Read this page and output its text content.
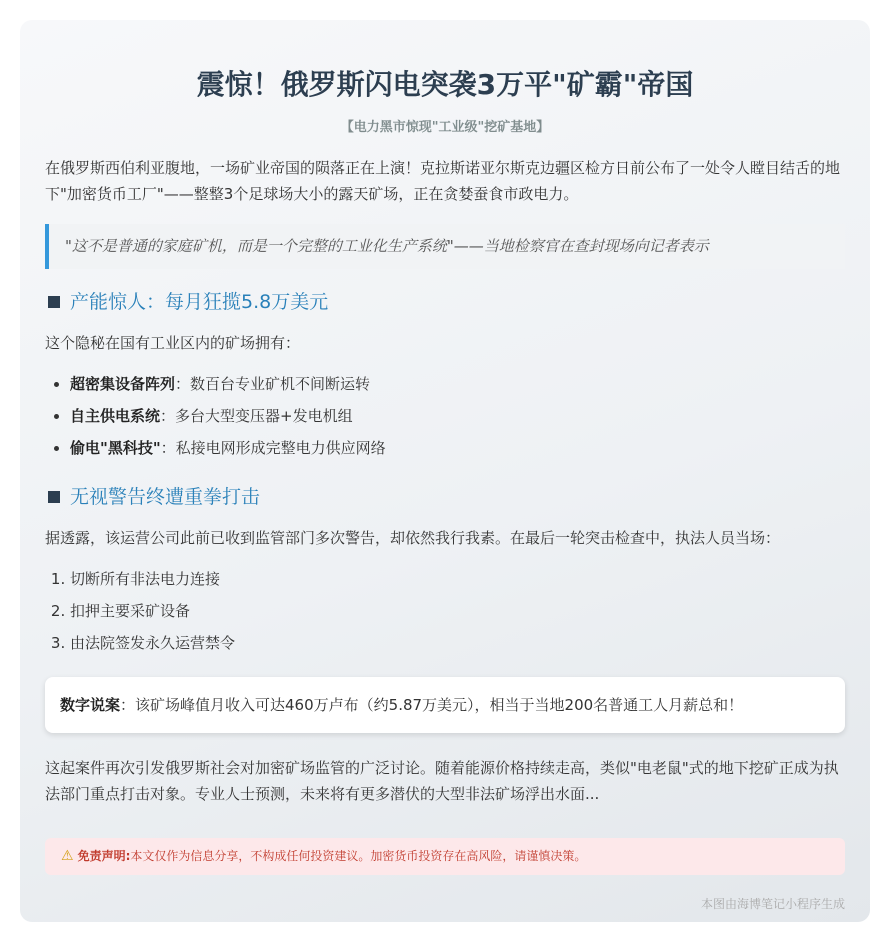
震惊！俄罗斯闪电突袭3万平"矿霸"帝国
【电力黑市惊现"工业级"挖矿基地】

在俄罗斯西伯利亚腹地，一场矿业帝国的陨落正在上演！克拉斯诺亚尔斯克边疆区检方日前公布了一处令人瞠目结舌的地下"加密货币工厂"——整整3个足球场大小的露天矿场，正在贪婪蚕食市政电力。

"这不是普通的家庭矿机，而是一个完整的工业化生产系统"——当地检察官在查封现场向记者表示
产能惊人：每月狂揽5.8万美元

这个隐秘在国有工业区内的矿场拥有：

• 超密集设备阵列：数百台专业矿机不间断运转
• 自主供电系统：多台大型变压器+发电机组
• 偷电"黑科技"：私接电网形成完整电力供应网络
无视警告终遭重拳打击

据透露，该运营公司此前已收到监管部门多次警告，却依然我行我素。在最后一轮突击检查中，执法人员当场：

1. 切断所有非法电力连接
2. 扣押主要采矿设备
3. 由法院签发永久运营禁令
数字说案：该矿场峰值月收入可达460万卢布（约5.87万美元），相当于当地200名普通工人月薪总和！

这起案件再次引发俄罗斯社会对加密矿场监管的广泛讨论。随着能源价格持续走高，类似"电老鼠"式的地下挖矿正成为执法部门重点打击对象。专业人士预测，未来将有更多潜伏的大型非法矿场浮出水面...

⚠ 免责声明:本文仅作为信息分享，不构成任何投资建议。加密货币投资存在高风险，请谨慎决策。
本图由海博笔记小程序生成
